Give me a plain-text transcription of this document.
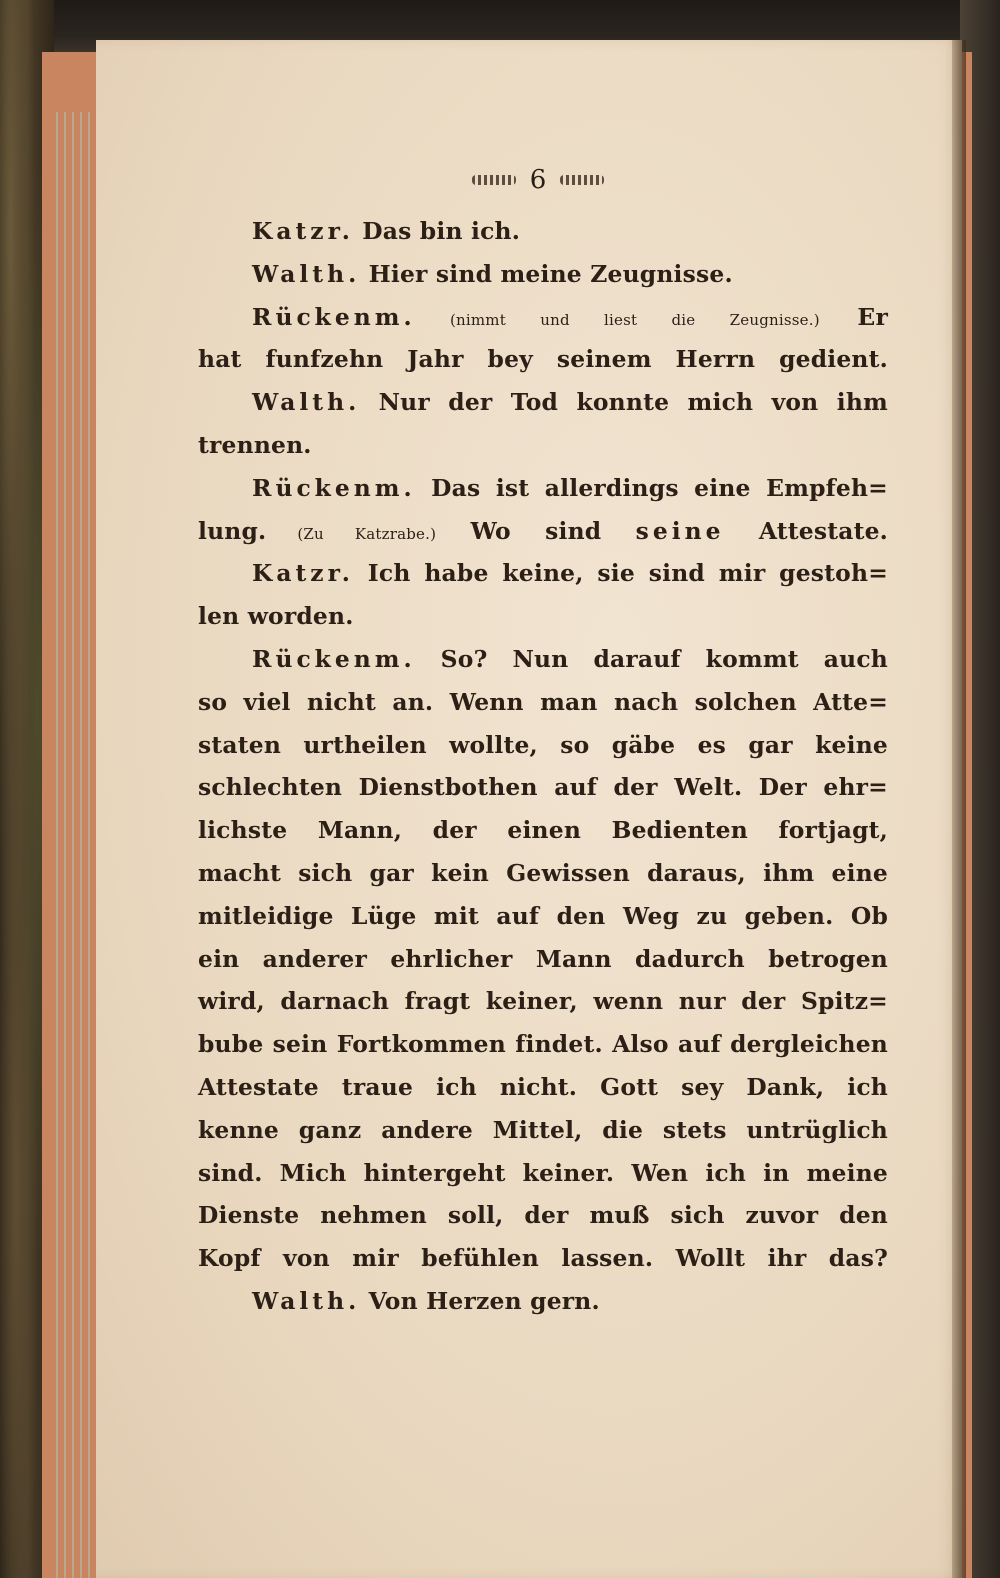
6
Katzr. Das bin ich.
Walth. Hier sind meine Zeugnisse.
Rückenm. (nimmt und liest die Zeugnisse.) Er
hat funfzehn Jahr bey seinem Herrn gedient.
Walth. Nur der Tod konnte mich von ihm
trennen.
Rückenm. Das ist allerdings eine Empfeh=
lung. (Zu Katzrabe.) Wo sind seine Attestate.
Katzr. Ich habe keine, sie sind mir gestoh=
len worden.
Rückenm. So? Nun darauf kommt auch
so viel nicht an. Wenn man nach solchen Atte=
staten urtheilen wollte, so gäbe es gar keine
schlechten Dienstbothen auf der Welt. Der ehr=
lichste Mann, der einen Bedienten fortjagt,
macht sich gar kein Gewissen daraus, ihm eine
mitleidige Lüge mit auf den Weg zu geben. Ob
ein anderer ehrlicher Mann dadurch betrogen
wird, darnach fragt keiner, wenn nur der Spitz=
bube sein Fortkommen findet. Also auf dergleichen
Attestate traue ich nicht. Gott sey Dank, ich
kenne ganz andere Mittel, die stets untrüglich
sind. Mich hintergeht keiner. Wen ich in meine
Dienste nehmen soll, der muß sich zuvor den
Kopf von mir befühlen lassen. Wollt ihr das?
Walth. Von Herzen gern.
